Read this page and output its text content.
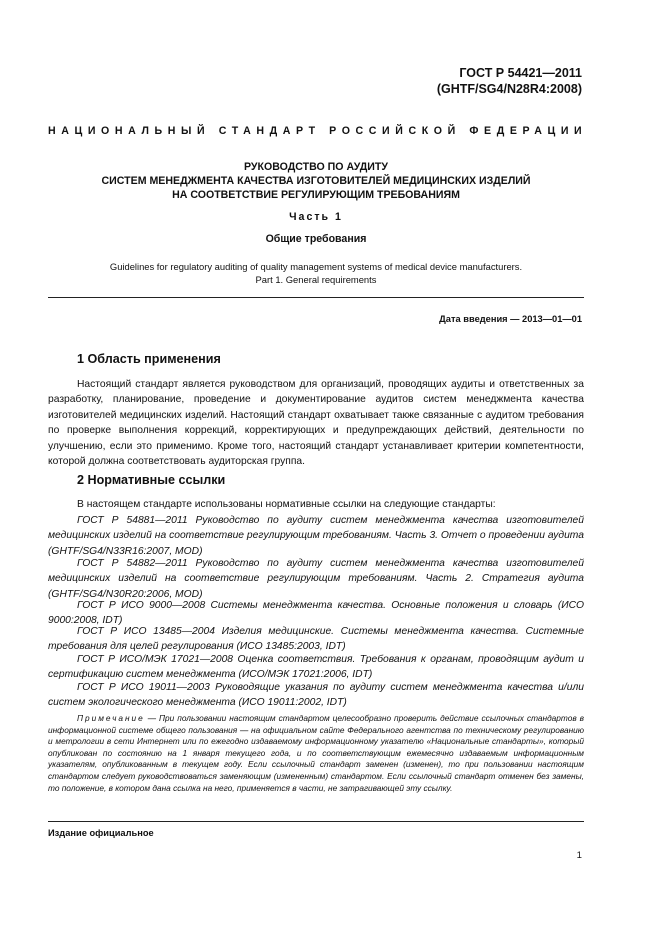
ГОСТ Р 54421—2011
(GHTF/SG4/N28R4:2008)
НАЦИОНАЛЬНЫЙ СТАНДАРТ РОССИЙСКОЙ ФЕДЕРАЦИИ
РУКОВОДСТВО ПО АУДИТУ
СИСТЕМ МЕНЕДЖМЕНТА КАЧЕСТВА ИЗГОТОВИТЕЛЕЙ МЕДИЦИНСКИХ ИЗДЕЛИЙ
НА СООТВЕТСТВИЕ РЕГУЛИРУЮЩИМ ТРЕБОВАНИЯМ
Часть 1
Общие требования
Guidelines for regulatory auditing of quality management systems of medical device manufacturers.
Part 1. General requirements
Дата введения — 2013—01—01
1 Область применения

Настоящий стандарт является руководством для организаций, проводящих аудиты и ответственных за разработку, планирование, проведение и документирование аудитов систем менеджмента качества изготовителей медицинских изделий. Настоящий стандарт охватывает также связанные с аудитом требования по проверке выполнения коррекций, корректирующих и предупреждающих действий, деятельности по улучшению, если это применимо. Кроме того, настоящий стандарт устанавливает критерии компетентности, которой должна соответствовать аудиторская группа.

2 Нормативные ссылки

В настоящем стандарте использованы нормативные ссылки на следующие стандарты:

ГОСТ Р 54881—2011 Руководство по аудиту систем менеджмента качества изготовителей медицинских изделий на соответствие регулирующим требованиям. Часть 3. Отчет о проведении аудита (GHTF/SG4/N33R16:2007, MOD)

ГОСТ Р 54882—2011 Руководство по аудиту систем менеджмента качества изготовителей медицинских изделий на соответствие регулирующим требованиям. Часть 2. Стратегия аудита (GHTF/SG4/N30R20:2006, MOD)

ГОСТ Р ИСО 9000—2008 Системы менеджмента качества. Основные положения и словарь (ИСО 9000:2008, IDT)

ГОСТ Р ИСО 13485—2004 Изделия медицинские. Системы менеджмента качества. Системные требования для целей регулирования (ИСО 13485:2003, IDT)

ГОСТ Р ИСО/МЭК 17021—2008 Оценка соответствия. Требования к органам, проводящим аудит и сертификацию систем менеджмента (ИСО/МЭК 17021:2006, IDT)

ГОСТ Р ИСО 19011—2003 Руководящие указания по аудиту систем менеджмента качества и/или систем экологического менеджмента (ИСО 19011:2002, IDT)

Примечание — При пользовании настоящим стандартом целесообразно проверить действие ссылочных стандартов в информационной системе общего пользования — на официальном сайте Федерального агентства по техническому регулированию и метрологии в сети Интернет или по ежегодно издаваемому информационному указателю «Национальные стандарты», который опубликован по состоянию на 1 января текущего года, и по соответствующим ежемесячно издаваемым информационным указателям, опубликованным в текущем году. Если ссылочный стандарт заменен (изменен), то при пользовании настоящим стандартом следует руководствоваться заменяющим (измененным) стандартом. Если ссылочный стандарт отменен без замены, то положение, в котором дана ссылка на него, применяется в части, не затрагивающей эту ссылку.

Издание официальное
1
